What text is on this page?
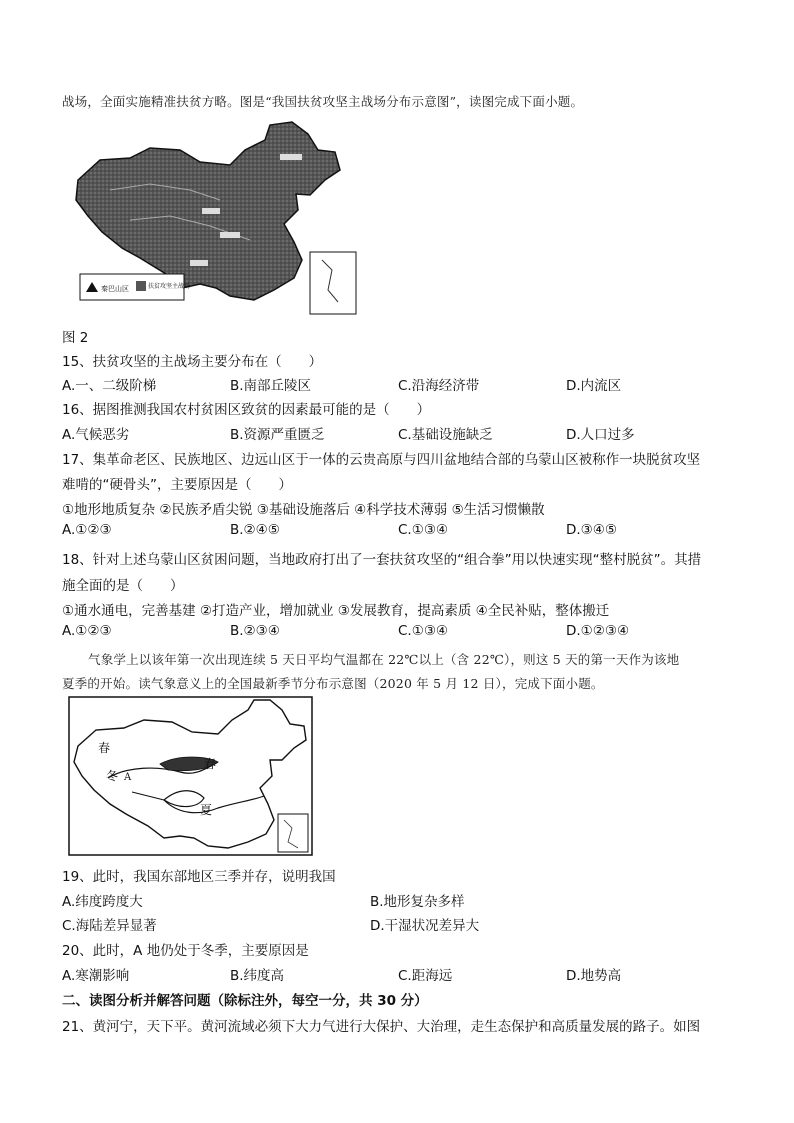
战场，全面实施精准扶贫方略。图是“我国扶贫攻坚主战场分布示意图”，读图完成下面小题。
秦巴山区	扶贫攻坚主战场
图 2
15、扶贫攻坚的主战场主要分布在（　　）
A.一、二级阶梯	B.南部丘陵区	C.沿海经济带	D.内流区
16、据图推测我国农村贫困区致贫的因素最可能的是（　　）
A.气候恶劣	B.资源严重匮乏	C.基础设施缺乏	D.人口过多
17、集革命老区、民族地区、边远山区于一体的云贵高原与四川盆地结合部的乌蒙山区被称作一块脱贫攻坚
难啃的“硬骨头”，主要原因是（　　）
①地形地质复杂 ②民族矛盾尖锐 ③基础设施落后 ④科学技术薄弱 ⑤生活习惯懒散
A.①②③	B.②④⑤	C.①③④	D.③④⑤
18、针对上述乌蒙山区贫困问题，当地政府打出了一套扶贫攻坚的“组合拳”用以快速实现“整村脱贫”。其措
施全面的是（　　）
①通水通电，完善基建 ②打造产业，增加就业 ③发展教育，提高素质 ④全民补贴，整体搬迁
A.①②③	B.②③④	C.①③④	D.①②③④
气象学上以该年第一次出现连续 5 天日平均气温都在 22℃以上（含 22℃），则这 5 天的第一天作为该地
夏季的开始。读气象意义上的全国最新季节分布示意图（2020 年 5 月 12 日），完成下面小题。
春
春
冬 A
夏
19、此时，我国东部地区三季并存，说明我国
A.纬度跨度大	B.地形复杂多样
C.海陆差异显著	D.干湿状况差异大
20、此时，A 地仍处于冬季，主要原因是
A.寒潮影响	B.纬度高	C.距海远	D.地势高
二、读图分析并解答问题（除标注外，每空一分，共 30 分）
21、黄河宁，天下平。黄河流域必须下大力气进行大保护、大治理，走生态保护和高质量发展的路子。如图
